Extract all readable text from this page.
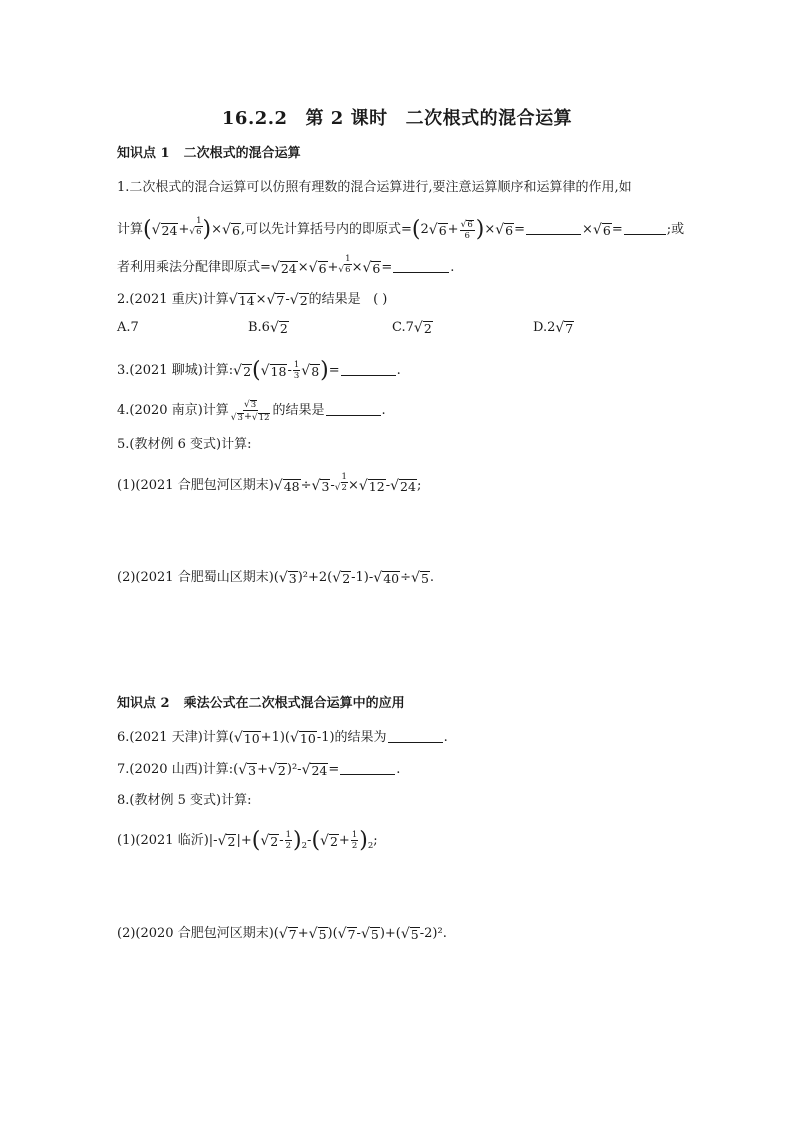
16.2.2 第 2 课时 二次根式的混合运算
知识点 1 二次根式的混合运算
1.二次根式的混合运算可以仿照有理数的混合运算进行,要注意运算顺序和运算律的作用,如
计算( √ 24 + √ $\frac{1}{6}$ )× √ 6 ,可以先计算括号内的即原式=(2 √ $6 + \frac{√ 6}{6}$ )× √ 6 =	× √ 6 =	;或
者利用乘法分配律即原式= √ 24 × √ 6 + √ $\frac{1}{6}$ × √ 6 =	.
2.(2021 重庆)计算 √ 14 × √ 7 - √ 2 的结果是 ( )
A.7	B.6 √ 2	C.7 √ 2	D.2 √ 7
3.(2021 聊城)计算: √ 2 ( √ $18 - \frac{1}{3}$ √ 8 )=	.
4.(2020 南京)计算 $\frac{√ 3}{√ 3 + √ 12}$ 的结果是	.
5.(教材例 6 变式)计算:
(1)(2021 合肥包河区期末) √ 48 ÷ √ 3 - √ $\frac{1}{2}$ × √ 12 - √ 24 ;
(2)(2021 合肥蜀山区期末)( √ 3 )²+2( √ 2 -1)- √ 40 ÷ √ 5 .
知识点 2 乘法公式在二次根式混合运算中的应用
6.(2021 天津)计算( √ 10 +1)( √ 10 -1)的结果为	.
7.(2020 山西)计算:( √ 3 + √ 2 )²- √ 24 =	.
8.(教材例 5 变式)计算:
(1)(2021 临沂)|- √ 2 |+( √ $2 - \frac{1}{2} )_2-$( √ $2 + \frac{1}{2} )_2$;
(2)(2020 合肥包河区期末)( √ 7 + √ 5 )( √ 7 - √ 5 )+( √ 5 -2)².
